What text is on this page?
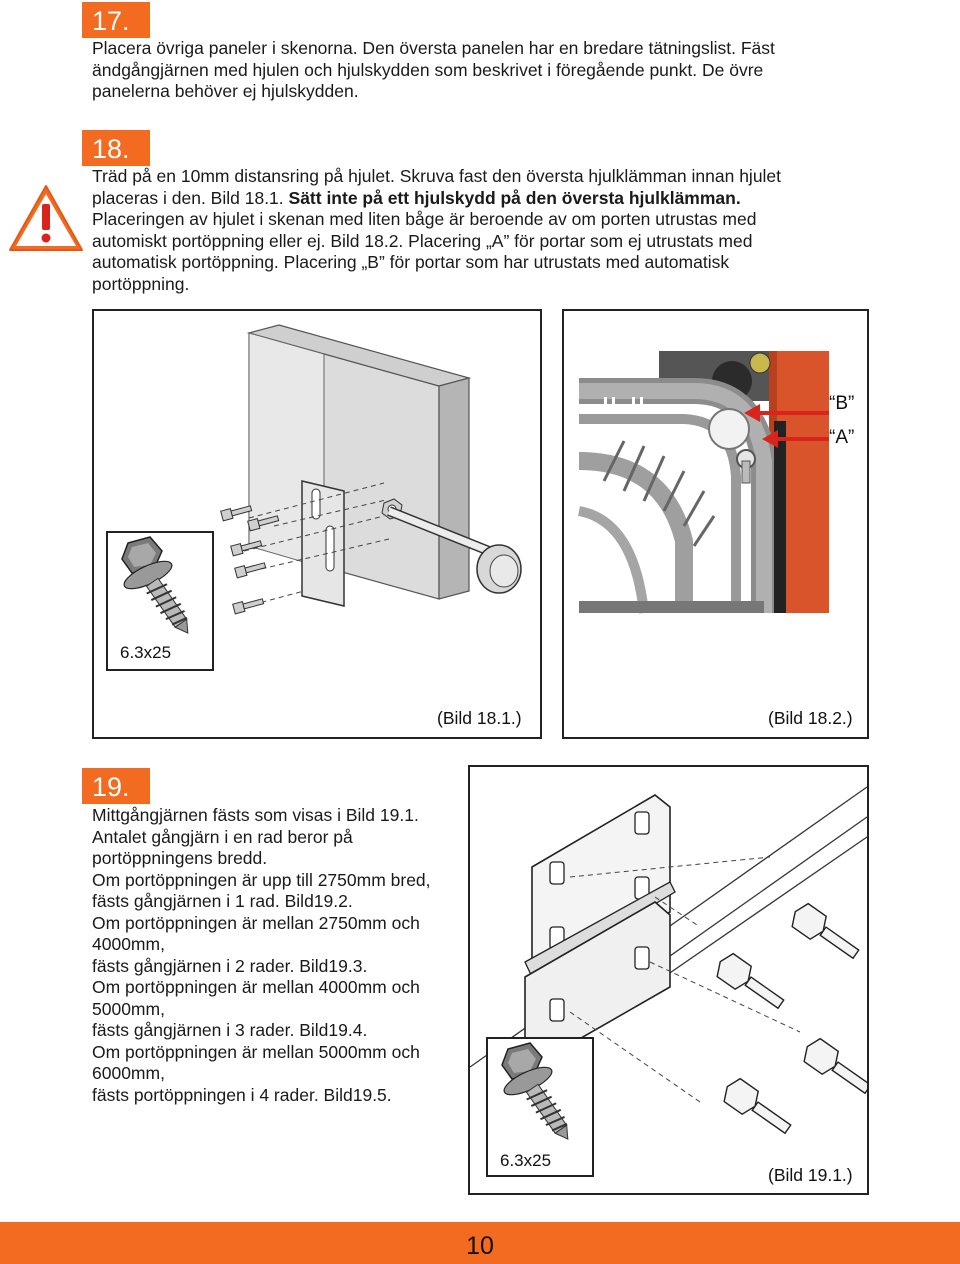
17.

Placera övriga paneler i skenorna. Den översta panelen har en bredare tätningslist. Fäst

ändgångjärnen med hjulen och hjulskydden som beskrivet i föregående punkt. De övre

panelerna behöver ej hjulskydden.

18.

Träd på en 10mm distansring på hjulet. Skruva fast den översta hjulklämman innan hjulet

placeras i den. Bild 18.1. Sätt inte på ett hjulskydd på den översta hjulklämman.

Placeringen av hjulet i skenan med liten båge är beroende av om porten utrustas med

automiskt portöppning eller ej. Bild 18.2. Placering „A” för portar som ej utrustats med

automatisk portöppning. Placering „B” för portar som har utrustats med automatisk

portöppning.

6.3x25
(Bild 18.1.)
“B”
“A”
(Bild 18.2.)
19.

Mittgångjärnen fästs som visas i Bild 19.1.

Antalet gångjärn i en rad beror på

portöppningens bredd.

Om portöppningen är upp till 2750mm bred,

fästs gångjärnen i 1 rad. Bild19.2.

Om portöppningen är mellan 2750mm och

4000mm,

fästs gångjärnen i 2 rader. Bild19.3.

Om portöppningen är mellan 4000mm och

5000mm,

fästs gångjärnen i 3 rader. Bild19.4.

Om portöppningen är mellan 5000mm och

6000mm,

fästs portöppningen i 4 rader. Bild19.5.

6.3x25
(Bild 19.1.)
10
